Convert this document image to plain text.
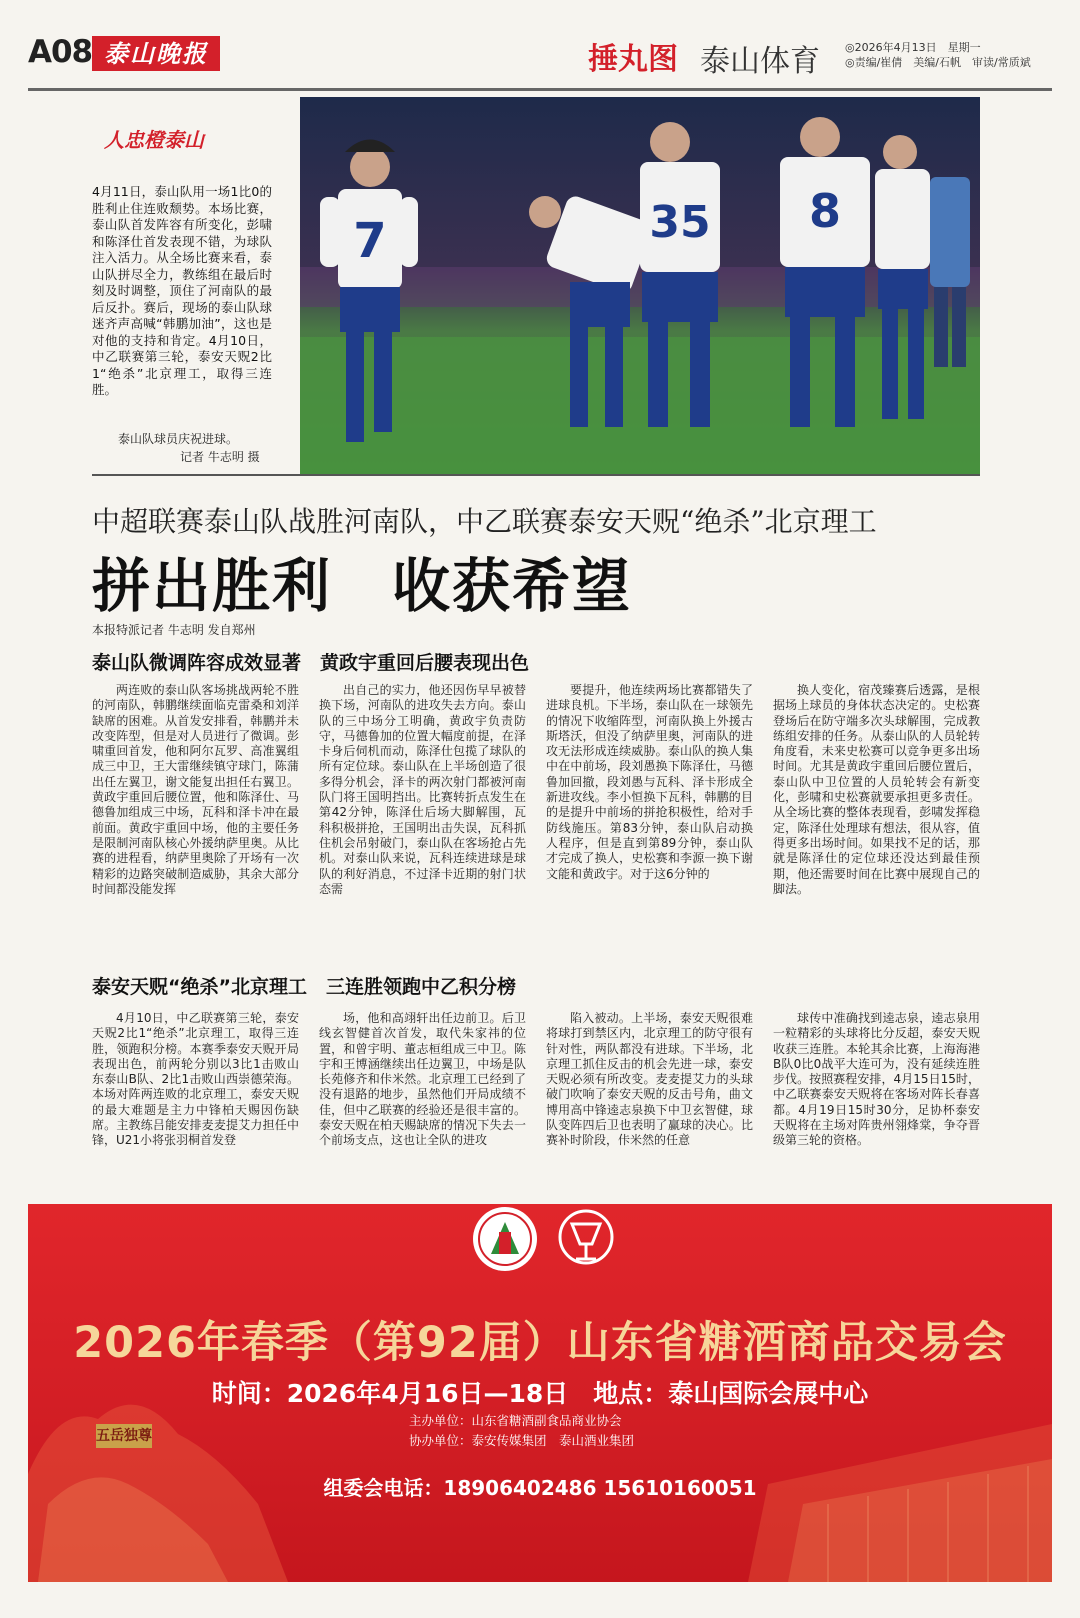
A08 泰山晚报	捶丸图 泰山体育 ◎2026年4月13日　星期一
◎责编/崔倩　美编/石帆　审读/常质斌
人忠橙泰山
4月11日，泰山队用一场1比0的胜利止住连败颓势。本场比赛，泰山队首发阵容有所变化，彭啸和陈泽仕首发表现不错，为球队注入活力。从全场比赛来看，泰山队拼尽全力，教练组在最后时刻及时调整，顶住了河南队的最后反扑。赛后，现场的泰山队球迷齐声高喊“韩鹏加油”，这也是对他的支持和肯定。4月10日，中乙联赛第三轮，泰安天贶2比1“绝杀”北京理工，取得三连胜。
泰山队球员庆祝进球。
记者 牛志明 摄
7	35 8
中超联赛泰山队战胜河南队，中乙联赛泰安天贶“绝杀”北京理工
拼出胜利　收获希望
本报特派记者 牛志明 发自郑州
泰山队微调阵容成效显著　黄政宇重回后腰表现出色

两连败的泰山队客场挑战两轮不胜的河南队，韩鹏继续面临克雷桑和刘洋缺席的困难。从首发安排看，韩鹏并未改变阵型，但是对人员进行了微调。彭啸重回首发，他和阿尔瓦罗、高准翼组成三中卫，王大雷继续镇守球门，陈蒲出任左翼卫，谢文能复出担任右翼卫。黄政宇重回后腰位置，他和陈泽仕、马德鲁加组成三中场，瓦科和泽卡冲在最前面。黄政宇重回中场，他的主要任务是限制河南队核心外援纳萨里奥。从比赛的进程看，纳萨里奥除了开场有一次精彩的边路突破制造威胁，其余大部分时间都没能发挥

出自己的实力，他还因伤早早被替换下场，河南队的进攻失去方向。泰山队的三中场分工明确，黄政宇负责防守，马德鲁加的位置大幅度前提，在泽卡身后伺机而动，陈泽仕包揽了球队的所有定位球。泰山队在上半场创造了很多得分机会，泽卡的两次射门都被河南队门将王国明挡出。比赛转折点发生在第42分钟，陈泽仕后场大脚解围，瓦科积极拼抢，王国明出击失误，瓦科抓住机会吊射破门，泰山队在客场抢占先机。对泰山队来说，瓦科连续进球是球队的利好消息，不过泽卡近期的射门状态需

要提升，他连续两场比赛都错失了进球良机。下半场，泰山队在一球领先的情况下收缩阵型，河南队换上外援古斯塔沃，但没了纳萨里奥，河南队的进攻无法形成连续威胁。泰山队的换人集中在中前场，段刘愚换下陈泽仕，马德鲁加回撤，段刘愚与瓦科、泽卡形成全新进攻线。李小恒换下瓦科，韩鹏的目的是提升中前场的拼抢积极性，给对手防线施压。第83分钟，泰山队启动换人程序，但是直到第89分钟，泰山队才完成了换人，史松赛和李源一换下谢文能和黄政宇。对于这6分钟的

换人变化，宿茂臻赛后透露，是根据场上球员的身体状态决定的。史松赛登场后在防守端多次头球解围，完成教练组安排的任务。从泰山队的人员轮转角度看，未来史松赛可以竞争更多出场时间。尤其是黄政宇重回后腰位置后，泰山队中卫位置的人员轮转会有新变化，彭啸和史松赛就要承担更多责任。从全场比赛的整体表现看，彭啸发挥稳定，陈泽仕处理球有想法，很从容，值得更多出场时间。如果找不足的话，那就是陈泽仕的定位球还没达到最佳预期，他还需要时间在比赛中展现自己的脚法。

泰安天贶“绝杀”北京理工　三连胜领跑中乙积分榜

4月10日，中乙联赛第三轮，泰安天贶2比1“绝杀”北京理工，取得三连胜，领跑积分榜。本赛季泰安天贶开局表现出色，前两轮分别以3比1击败山东泰山B队、2比1击败山西崇德荣海。本场对阵两连败的北京理工，泰安天贶的最大难题是主力中锋柏天赐因伤缺席。主教练吕能安排麦麦提艾力担任中锋，U21小将张羽桐首发登

场，他和高翊轩出任边前卫。后卫线玄智健首次首发，取代朱家祎的位置，和曾宇明、董志桓组成三中卫。陈宇和王博涵继续出任边翼卫，中场是队长苑修齐和佧米然。北京理工已经到了没有退路的地步，虽然他们开局成绩不佳，但中乙联赛的经验还是很丰富的。泰安天贶在柏天赐缺席的情况下失去一个前场支点，这也让全队的进攻

陷入被动。上半场，泰安天贶很难将球打到禁区内，北京理工的防守很有针对性，两队都没有进球。下半场，北京理工抓住反击的机会先进一球，泰安天贶必须有所改变。麦麦提艾力的头球破门吹响了泰安天贶的反击号角，曲文博用高中锋逵志泉换下中卫玄智健，球队变阵四后卫也表明了赢球的决心。比赛补时阶段，佧米然的任意

球传中准确找到逵志泉，逵志泉用一粒精彩的头球将比分反超，泰安天贶收获三连胜。本轮其余比赛，上海海港B队0比0战平大连可为，没有延续连胜步伐。按照赛程安排，4月15日15时，中乙联赛泰安天贶将在客场对阵长春喜都。4月19日15时30分，足协杯泰安天贶将在主场对阵贵州翎烽棠，争夺晋级第三轮的资格。

五岳独尊
2026年春季（第92届）山东省糖酒商品交易会
时间：2026年4月16日—18日　地点：泰山国际会展中心
主办单位：山东省糖酒副食品商业协会
协办单位：泰安传媒集团　泰山酒业集团
组委会电话：18906402486 15610160051
